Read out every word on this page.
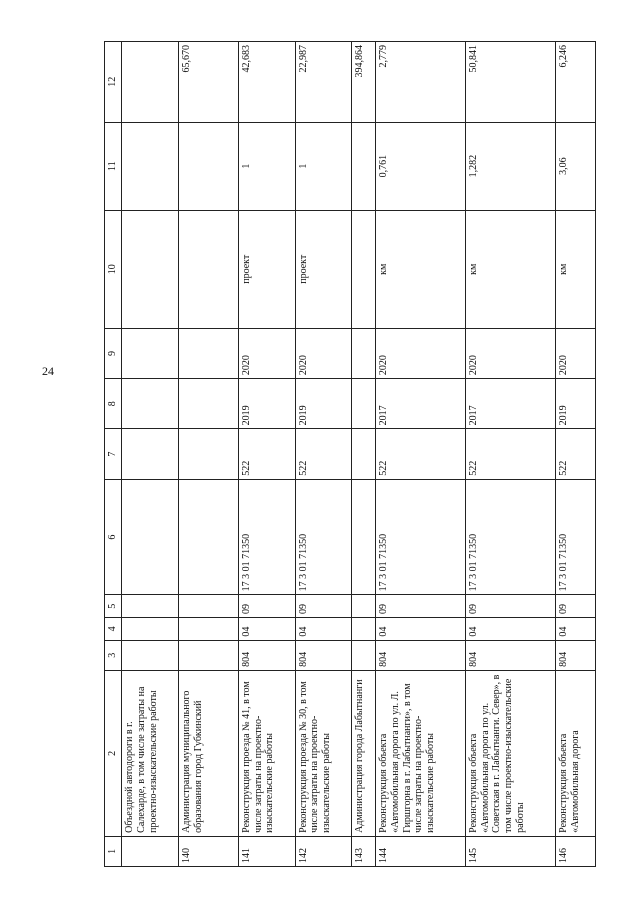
24
1	2	3	4	5	6	7	8	9	10	11	12
	Объездной автодороги в г. Салехарде, в том числе затраты на проектно-изыскательские работы										
140	Администрация муниципального образования город Губкинский										65,670
141	Реконструкция проезда № 41, в том числе затраты на проектно-изыскательские работы	804	04	09	17 3 01 71350	522	2019	2020	проект	1	42,683
142	Реконструкция проезда № 30, в том числе затраты на проектно-изыскательские работы	804	04	09	17 3 01 71350	522	2019	2020	проект	1	22,987
143	Администрация города Лабытнанги										394,864
144	Реконструкция объекта «Автомобильная дорога по ул. Л. Гиршгорна в г. Лабытнанги», в том числе затраты на проектно-изыскательские работы	804	04	09	17 3 01 71350	522	2017	2020	км	0,761	2,779
145	Реконструкция объекта «Автомобильная дорога по ул. Советская в г. Лабытнанги. Север», в том числе проектно-изыскательские работы	804	04	09	17 3 01 71350	522	2017	2020	км	1,282	50,841
146	Реконструкция объекта «Автомобильная дорога	804	04	09	17 3 01 71350	522	2019	2020	км	3,06	6,246
